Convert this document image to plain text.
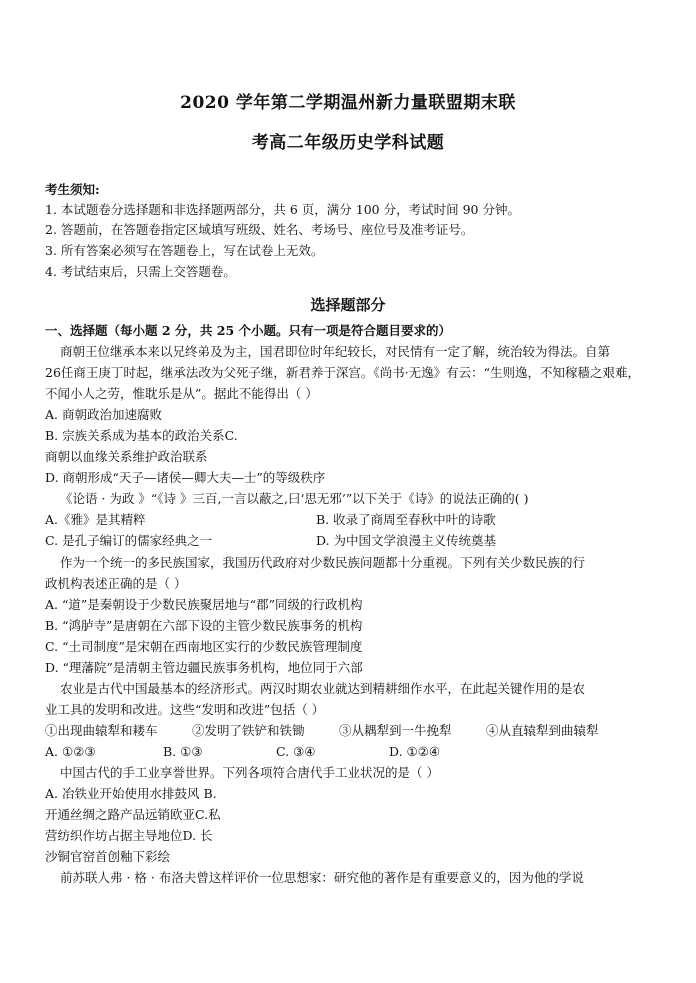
2020 学年第二学期温州新力量联盟期末联
考高二年级历史学科试题
考生须知:
1. 本试题卷分选择题和非选择题两部分，共 6 页，满分 100 分，考试时间 90 分钟。
2. 答题前，在答题卷指定区域填写班级、姓名、考场号、座位号及准考证号。
3. 所有答案必须写在答题卷上，写在试卷上无效。
4. 考试结束后，只需上交答题卷。
选择题部分
一、选择题（每小题 2 分，共 25 个小题。只有一项是符合题目要求的）
商朝王位继承本来以兄终弟及为主，国君即位时年纪较长，对民情有一定了解，统治较为得法。自第
26任商王庚丁时起，继承法改为父死子继，新君养于深宫。《尚书·无逸》有云：“生则逸，不知稼穑之艰难，
不闻小人之劳，惟耽乐是从”。据此不能得出（ ）
A. 商朝政治加速腐败
B. 宗族关系成为基本的政治关系C.
商朝以血缘关系维护政治联系
D. 商朝形成“天子—诸侯—卿大夫—士”的等级秩序
《论语 · 为政 》“《诗 》三百,一言以蔽之,曰‘思无邪’”以下关于《诗》的说法正确的( )
A.《雅》是其精粹	B. 收录了商周至春秋中叶的诗歌
C. 是孔子编订的儒家经典之一	D. 为中国文学浪漫主义传统奠基
作为一个统一的多民族国家，我国历代政府对少数民族问题都十分重视。下列有关少数民族的行
政机构表述正确的是（ ）
A. “道”是秦朝设于少数民族聚居地与“郡”同级的行政机构
B. “鸿胪寺”是唐朝在六部下设的主管少数民族事务的机构
C. “土司制度”是宋朝在西南地区实行的少数民族管理制度
D. “理藩院”是清朝主管边疆民族事务机构，地位同于六部
农业是古代中国最基本的经济形式。两汉时期农业就达到精耕细作水平，在此起关键作用的是农
业工具的发明和改进。这些“发明和改进”包括（ ）
①出现曲辕犁和耧车	②发明了铁铲和铁锄	③从耦犁到一牛挽犁	④从直辕犁到曲辕犁
A. ①②③	B. ①③	C. ③④	D. ①②④
中国古代的手工业享誉世界。下列各项符合唐代手工业状况的是（ ）
A. 冶铁业开始使用水排鼓风 B.
开通丝绸之路产品远销欧亚C.私
营纺织作坊占据主导地位D. 长
沙铜官窑首创釉下彩绘
前苏联人弗 · 格 · 布洛夫曾这样评价一位思想家：研究他的著作是有重要意义的，因为他的学说
